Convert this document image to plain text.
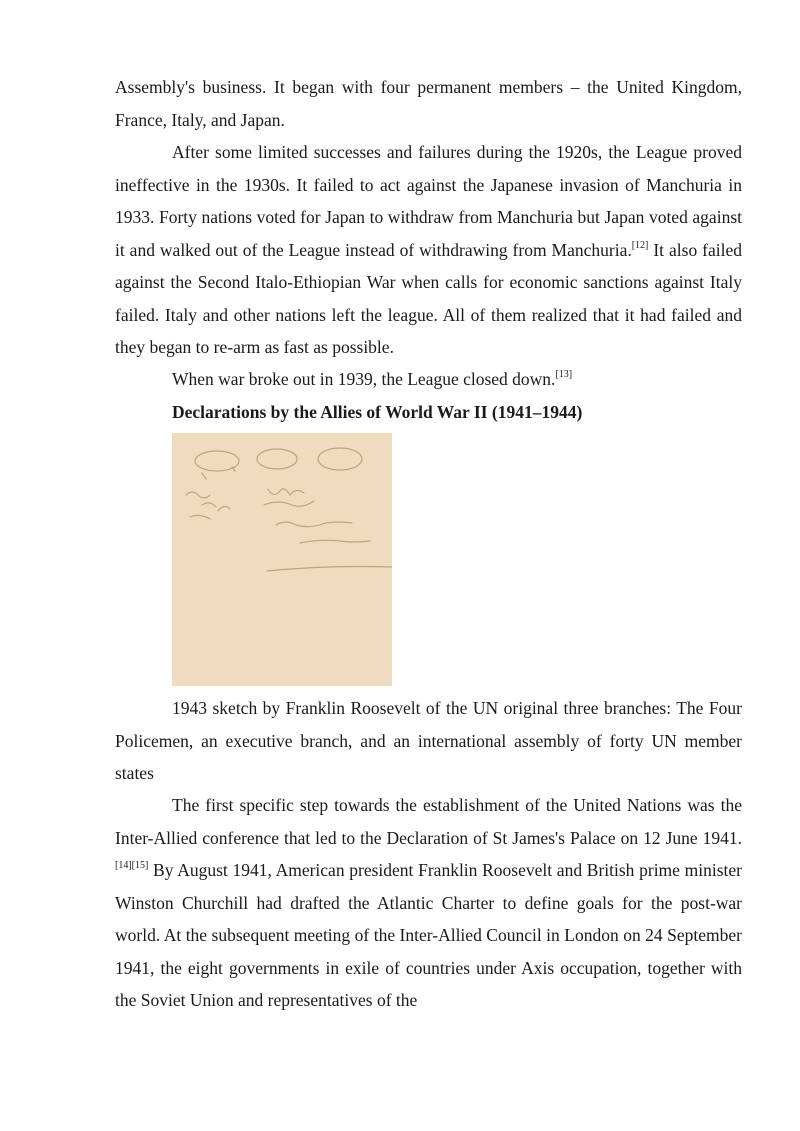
Assembly's business. It began with four permanent members – the United Kingdom, France, Italy, and Japan.

After some limited successes and failures during the 1920s, the League proved ineffective in the 1930s. It failed to act against the Japanese invasion of Manchuria in 1933. Forty nations voted for Japan to withdraw from Manchuria but Japan voted against it and walked out of the League instead of withdrawing from Manchuria.[12] It also failed against the Second Italo-Ethiopian War when calls for economic sanctions against Italy failed. Italy and other nations left the league. All of them realized that it had failed and they began to re-arm as fast as possible.

When war broke out in 1939, the League closed down.[13]

Declarations by the Allies of World War II (1941–1944)

1943 sketch by Franklin Roosevelt of the UN original three branches: The Four Policemen, an executive branch, and an international assembly of forty UN member states

The first specific step towards the establishment of the United Nations was the Inter-Allied conference that led to the Declaration of St James's Palace on 12 June 1941.[14][15] By August 1941, American president Franklin Roosevelt and British prime minister Winston Churchill had drafted the Atlantic Charter to define goals for the post-war world. At the subsequent meeting of the Inter-Allied Council in London on 24 September 1941, the eight governments in exile of countries under Axis occupation, together with the Soviet Union and representatives of the
